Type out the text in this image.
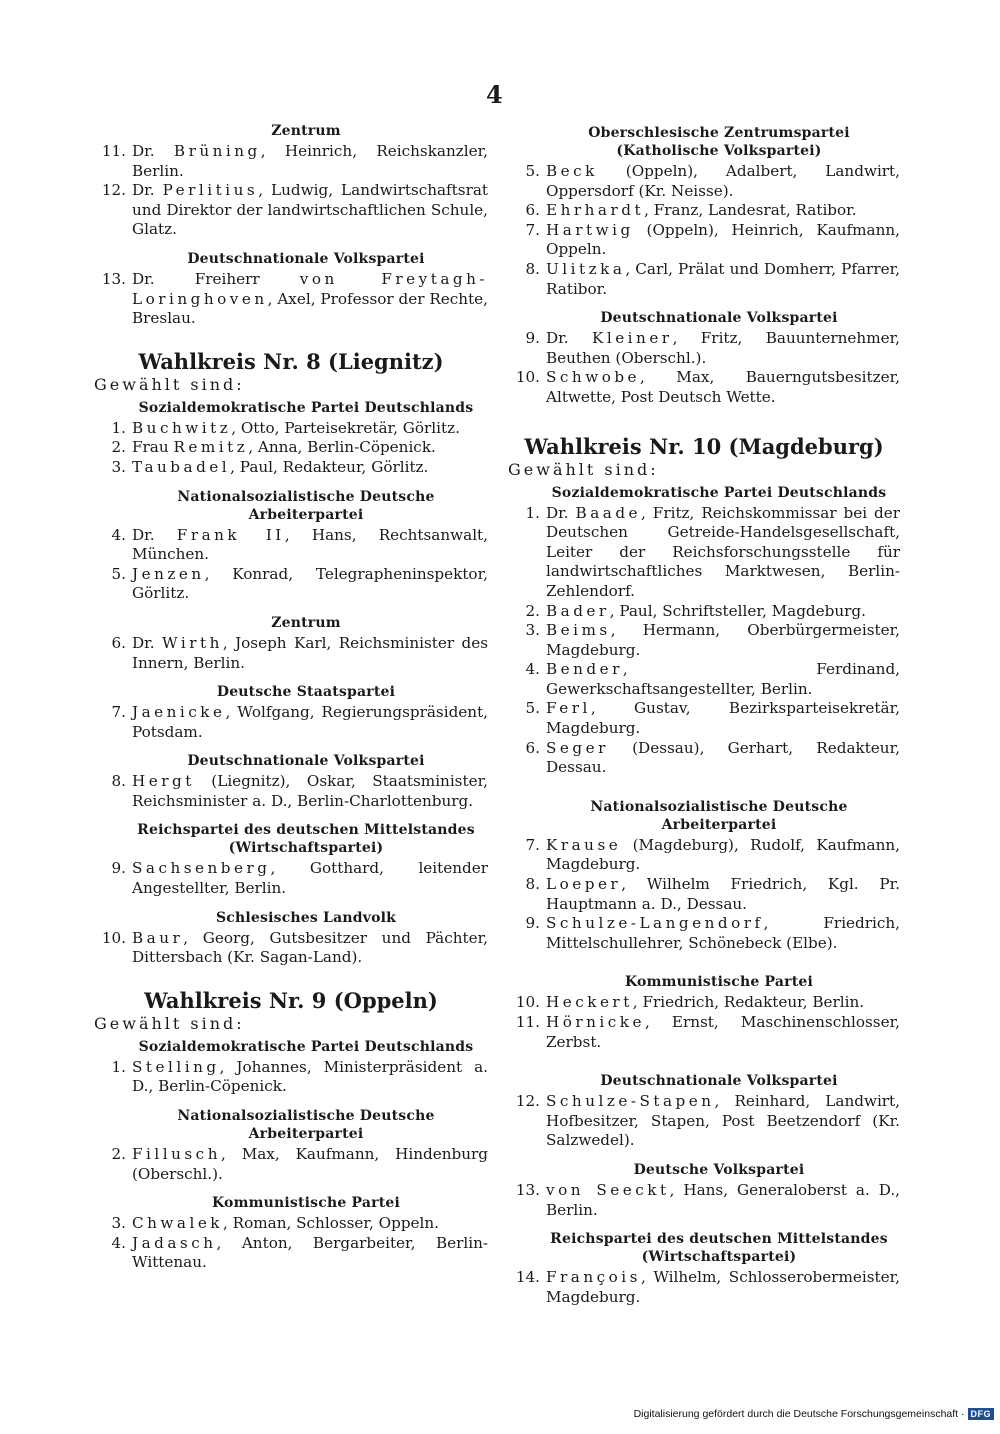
4
Zentrum
11. Dr. Brüning, Heinrich, Reichskanzler, Berlin.
12. Dr. Perlitius, Ludwig, Landwirtschaftsrat und Direktor der landwirtschaftlichen Schule, Glatz.
Deutschnationale Volkspartei
13. Dr. Freiherr	von Freytagh-Loringhoven, Axel, Professor der Rechte, Breslau.
Wahlkreis Nr. 8 (Liegnitz)
Gewählt sind:
Sozialdemokratische Partei Deutschlands
1. Buchwitz, Otto, Parteisekretär, Görlitz.
2. Frau Remitz, Anna, Berlin-Cöpenick.
3. Taubadel, Paul, Redakteur, Görlitz.
Nationalsozialistische Deutsche Arbeiterpartei
4. Dr. Frank II, Hans, Rechtsanwalt, München.
5. Jenzen, Konrad, Telegrapheninspektor, Görlitz.
Zentrum
6. Dr. Wirth, Joseph Karl, Reichsminister des Innern, Berlin.
Deutsche Staatspartei
7. Jaenicke, Wolfgang, Regierungspräsident, Potsdam.
Deutschnationale Volkspartei
8. Hergt (Liegnitz), Oskar, Staatsminister, Reichsminister a. D., Berlin-Charlottenburg.
Reichspartei des deutschen Mittelstandes (Wirtschaftspartei)
9. Sachsenberg, Gotthard, leitender Angestellter, Berlin.
Schlesisches Landvolk
10. Baur, Georg, Gutsbesitzer und Pächter, Dittersbach (Kr. Sagan-Land).
Wahlkreis Nr. 9 (Oppeln)
Gewählt sind:
Sozialdemokratische Partei Deutschlands
1. Stelling, Johannes, Ministerpräsident a. D., Berlin-Cöpenick.
Nationalsozialistische Deutsche Arbeiterpartei
2. Fillusch, Max, Kaufmann, Hindenburg (Oberschl.).
Kommunistische Partei
3. Chwalek, Roman, Schlosser, Oppeln.
4. Jadasch, Anton, Bergarbeiter, Berlin-Wittenau.
Oberschlesische Zentrumspartei (Katholische Volkspartei)
5. Beck (Oppeln), Adalbert, Landwirt, Oppersdorf (Kr. Neisse).
6. Ehrhardt, Franz, Landesrat, Ratibor.
7. Hartwig (Oppeln), Heinrich, Kaufmann, Oppeln.
8. Ulitzka, Carl, Prälat und Domherr, Pfarrer, Ratibor.
Deutschnationale Volkspartei
9. Dr. Kleiner, Fritz, Bauunternehmer, Beuthen (Oberschl.).
10. Schwobe, Max, Bauerngutsbesitzer, Altwette, Post Deutsch Wette.
Wahlkreis Nr. 10 (Magdeburg)
Gewählt sind:
Sozialdemokratische Partei Deutschlands
1. Dr. Baade, Fritz, Reichskommissar bei der Deutschen Getreide-Handelsgesellschaft, Leiter der Reichsforschungsstelle für landwirtschaftliches Marktwesen, Berlin-Zehlendorf.
2. Bader, Paul, Schriftsteller, Magdeburg.
3. Beims, Hermann, Oberbürgermeister, Magdeburg.
4. Bender, Ferdinand, Gewerkschaftsangestellter, Berlin.
5. Ferl, Gustav, Bezirksparteisekretär, Magdeburg.
6. Seger (Dessau), Gerhart, Redakteur, Dessau.
Nationalsozialistische Deutsche Arbeiterpartei
7. Krause (Magdeburg), Rudolf, Kaufmann, Magdeburg.
8. Loeper, Wilhelm Friedrich, Kgl. Pr. Hauptmann a. D., Dessau.
9. Schulze-Langendorf, Friedrich, Mittelschullehrer, Schönebeck (Elbe).
Kommunistische Partei
10. Heckert, Friedrich, Redakteur, Berlin.
11. Hörnicke, Ernst, Maschinenschlosser, Zerbst.
Deutschnationale Volkspartei
12. Schulze-Stapen, Reinhard, Landwirt, Hofbesitzer, Stapen, Post Beetzendorf (Kr. Salzwedel).
Deutsche Volkspartei
13. von Seeckt, Hans, Generaloberst a. D., Berlin.
Reichspartei des deutschen Mittelstandes (Wirtschaftspartei)
14. François, Wilhelm, Schlosserobermeister, Magdeburg.
Digitalisierung gefördert durch die Deutsche Forschungsgemeinschaft · DFG
